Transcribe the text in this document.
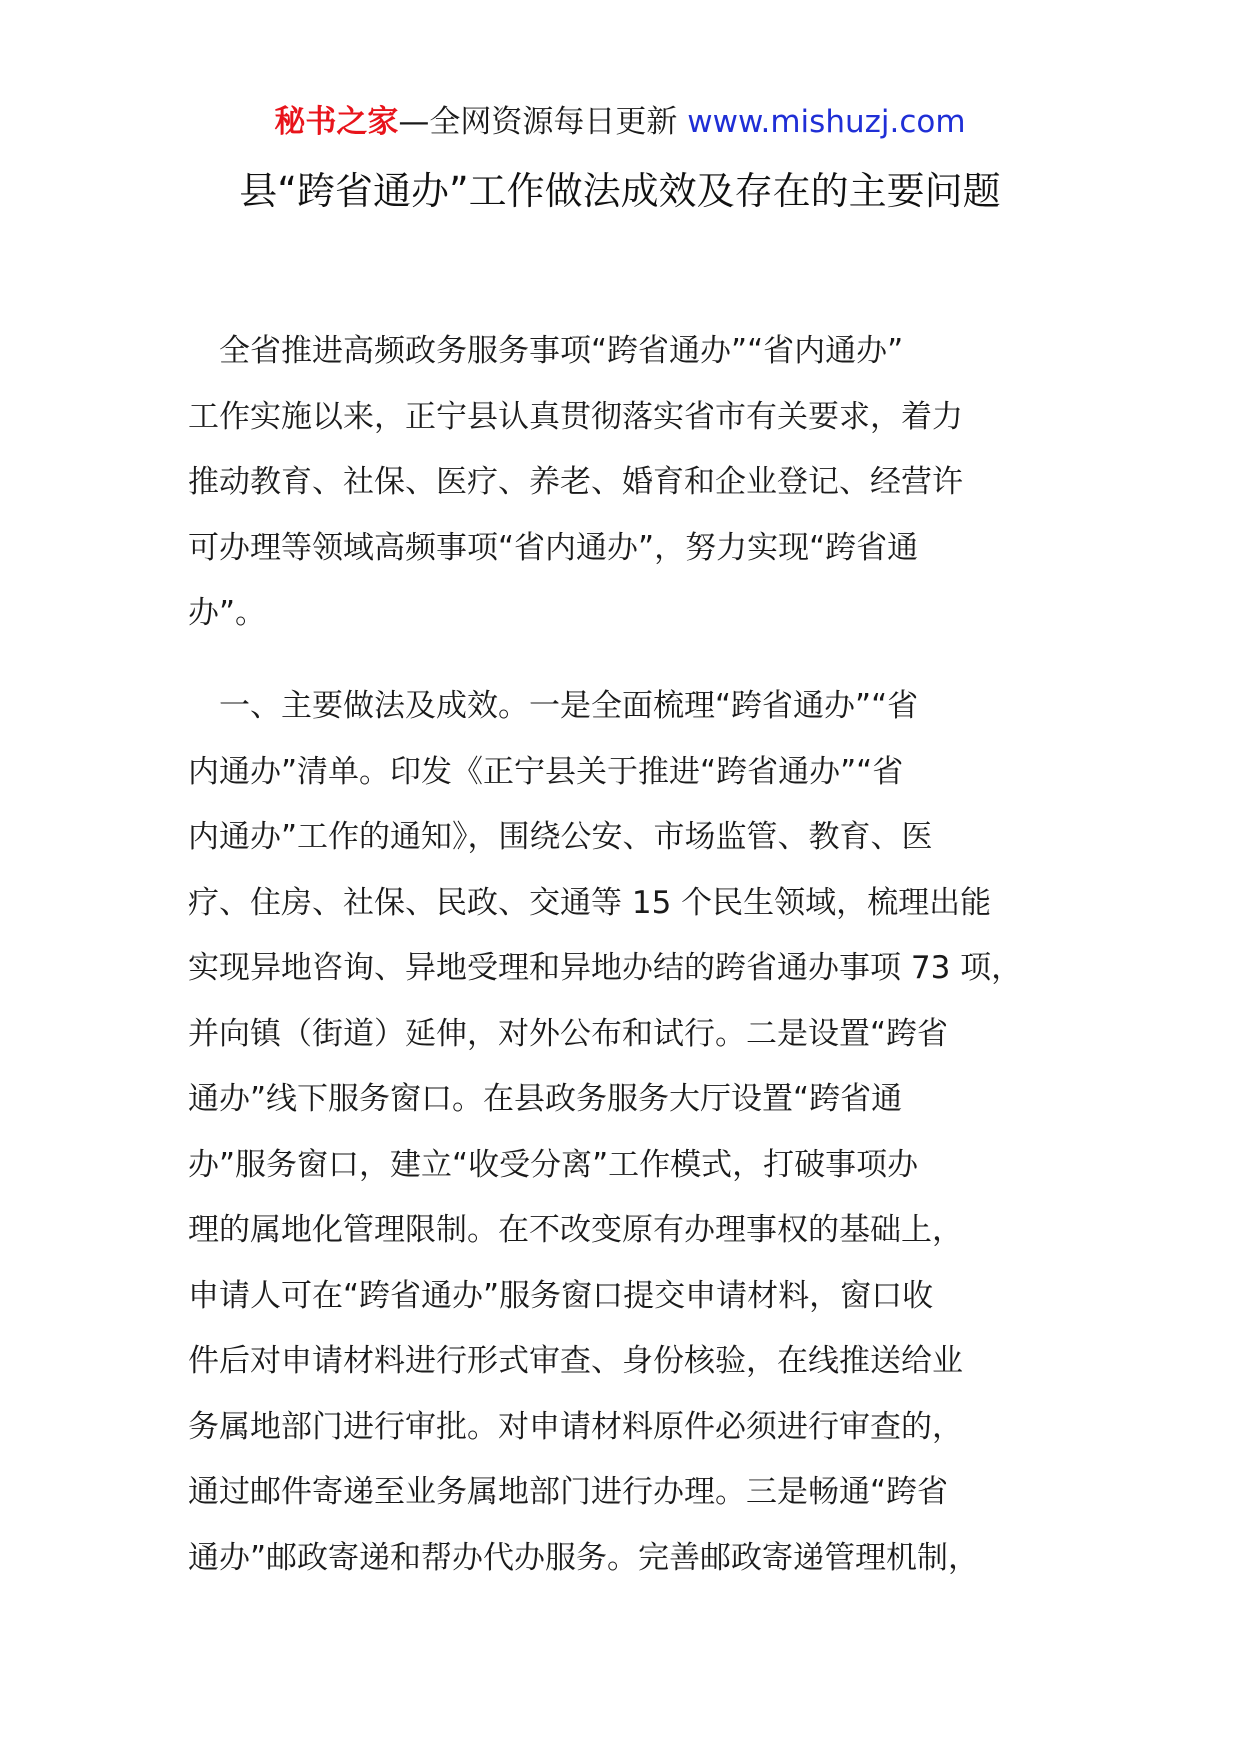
秘书之家—全网资源每日更新 www.mishuzj.com
县“跨省通办”工作做法成效及存在的主要问题
　全省推进高频政务服务事项“跨省通办”“省内通办”
工作实施以来，正宁县认真贯彻落实省市有关要求，着力
推动教育、社保、医疗、养老、婚育和企业登记、经营许
可办理等领域高频事项“省内通办”，努力实现“跨省通
办”。
　一、主要做法及成效。一是全面梳理“跨省通办”“省
内通办”清单。印发《正宁县关于推进“跨省通办”“省
内通办”工作的通知》，围绕公安、市场监管、教育、医
疗、住房、社保、民政、交通等 15 个民生领域，梳理出能
实现异地咨询、异地受理和异地办结的跨省通办事项 73 项，
并向镇（街道）延伸，对外公布和试行。二是设置“跨省
通办”线下服务窗口。在县政务服务大厅设置“跨省通
办”服务窗口，建立“收受分离”工作模式，打破事项办
理的属地化管理限制。在不改变原有办理事权的基础上，
申请人可在“跨省通办”服务窗口提交申请材料，窗口收
件后对申请材料进行形式审查、身份核验，在线推送给业
务属地部门进行审批。对申请材料原件必须进行审查的，
通过邮件寄递至业务属地部门进行办理。三是畅通“跨省
通办”邮政寄递和帮办代办服务。完善邮政寄递管理机制，
